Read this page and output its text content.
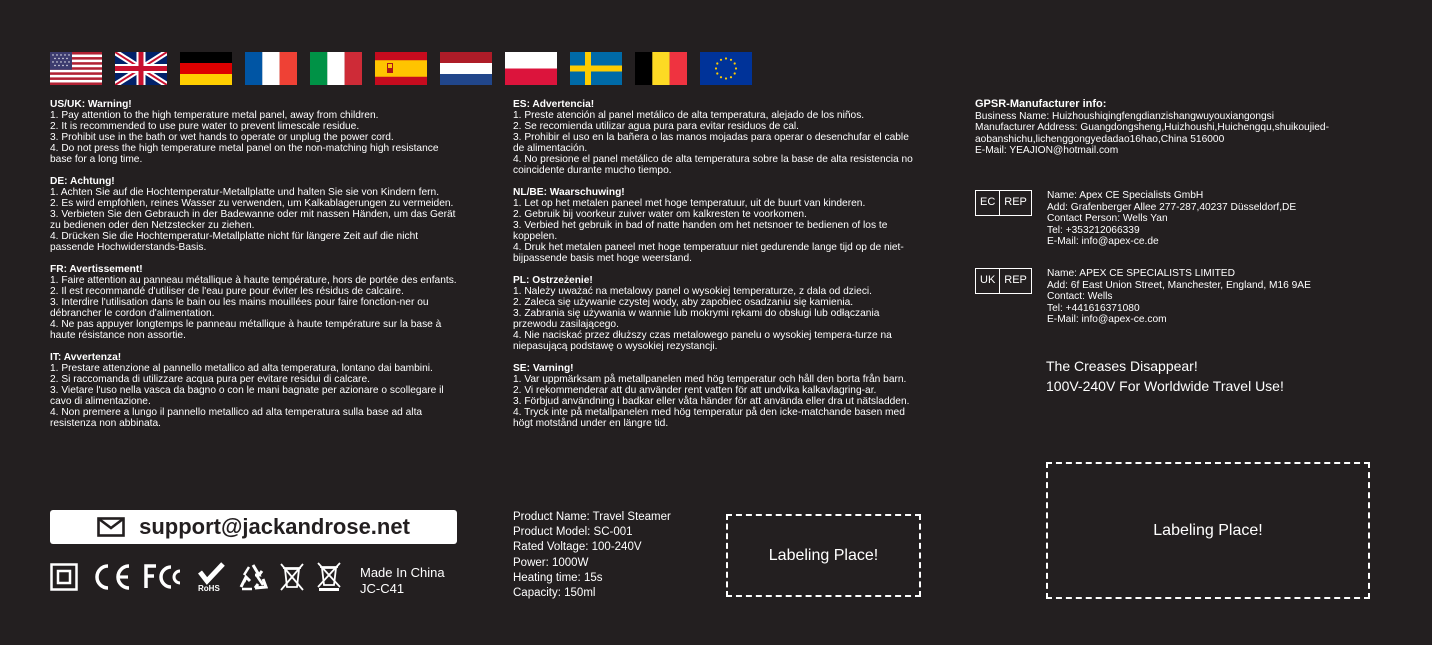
US/UK: Warning!

1. Pay attention to the high temperature metal panel, away from children.

2. It is recommended to use pure water to prevent limescale residue.

3. Prohibit use in the bath or wet hands to operate or unplug the power cord.

4. Do not press the high temperature metal panel on the non-matching high resistance base for a long time.

DE: Achtung!

1. Achten Sie auf die Hochtemperatur-Metallplatte und halten Sie sie von Kindern fern.

2. Es wird empfohlen, reines Wasser zu verwenden, um Kalkablagerungen zu vermeiden.

3. Verbieten Sie den Gebrauch in der Badewanne oder mit nassen Händen, um das Gerät zu bedienen oder den Netzstecker zu ziehen.

4. Drücken Sie die Hochtemperatur-Metallplatte nicht für längere Zeit auf die nicht passende Hochwiderstands-Basis.

FR: Avertissement!

1. Faire attention au panneau métallique à haute température, hors de portée des enfants.

2. Il est recommandé d'utiliser de l'eau pure pour éviter les résidus de calcaire.

3. Interdire l'utilisation dans le bain ou les mains mouillées pour faire fonction-ner ou débrancher le cordon d'alimentation.

4. Ne pas appuyer longtemps le panneau métallique à haute température sur la base à haute résistance non assortie.

IT: Avvertenza!

1. Prestare attenzione al pannello metallico ad alta temperatura, lontano dai bambini.

2. Si raccomanda di utilizzare acqua pura per evitare residui di calcare.

3. Vietare l'uso nella vasca da bagno o con le mani bagnate per azionare o scollegare il cavo di alimentazione.

4. Non premere a lungo il pannello metallico ad alta temperatura sulla base ad alta resistenza non abbinata.

ES: Advertencia!

1. Preste atención al panel metálico de alta temperatura, alejado de los niños.

2. Se recomienda utilizar agua pura para evitar residuos de cal.

3. Prohibir el uso en la bañera o las manos mojadas para operar o desenchufar el cable de alimentación.

4. No presione el panel metálico de alta temperatura sobre la base de alta resistencia no coincidente durante mucho tiempo.

NL/BE: Waarschuwing!

1. Let op het metalen paneel met hoge temperatuur, uit de buurt van kinderen.

2. Gebruik bij voorkeur zuiver water om kalkresten te voorkomen.

3. Verbied het gebruik in bad of natte handen om het netsnoer te bedienen of los te koppelen.

4. Druk het metalen paneel met hoge temperatuur niet gedurende lange tijd op de niet-bijpassende basis met hoge weerstand.

PL: Ostrzeżenie!

1. Należy uważać na metalowy panel o wysokiej temperaturze, z dala od dzieci.

2. Zaleca się używanie czystej wody, aby zapobiec osadzaniu się kamienia.

3. Zabrania się używania w wannie lub mokrymi rękami do obsługi lub odłączania przewodu zasilającego.

4. Nie naciskać przez dłuższy czas metalowego panelu o wysokiej tempera-turze na niepasującą podstawę o wysokiej rezystancji.

SE: Varning!

1. Var uppmärksam på metallpanelen med hög temperatur och håll den borta från barn.

2. Vi rekommenderar att du använder rent vatten för att undvika kalkavlagring-ar.

3. Förbjud användning i badkar eller våta händer för att använda eller dra ut nätsladden.

4. Tryck inte på metallpanelen med hög temperatur på den icke-matchande basen med högt motstånd under en längre tid.

support@jackandrose.net
RoHS
Made In China
JC-C41
Product Name: Travel Steamer
Product Model: SC-001
Rated Voltage: 100-240V
Power: 1000W
Heating time: 15s
Capacity: 150ml
Labeling Place!
GPSR-Manufacturer info:
Business Name: Huizhoushiqingfengdianzishangwuyouxiangongsi
Manufacturer Address: Guangdongsheng,Huizhoushi,Huichengqu,shuikoujied-aobanshichu,lichenggongyedadao16hao,China 516000
E-Mail: YEAJION@hotmail.com
EC REP
Name: Apex CE Specialists GmbH
Add: Grafenberger Allee 277-287,40237 Düsseldorf,DE
Contact Person: Wells Yan
Tel: +353212066339
E-Mail: info@apex-ce.de
UK REP
Name: APEX CE SPECIALISTS LIMITED
Add: 6f East Union Street, Manchester, England, M16 9AE
Contact: Wells
Tel: +441616371080
E-Mail: info@apex-ce.com
The Creases Disappear!
100V-240V For Worldwide Travel Use!
Labeling Place!
